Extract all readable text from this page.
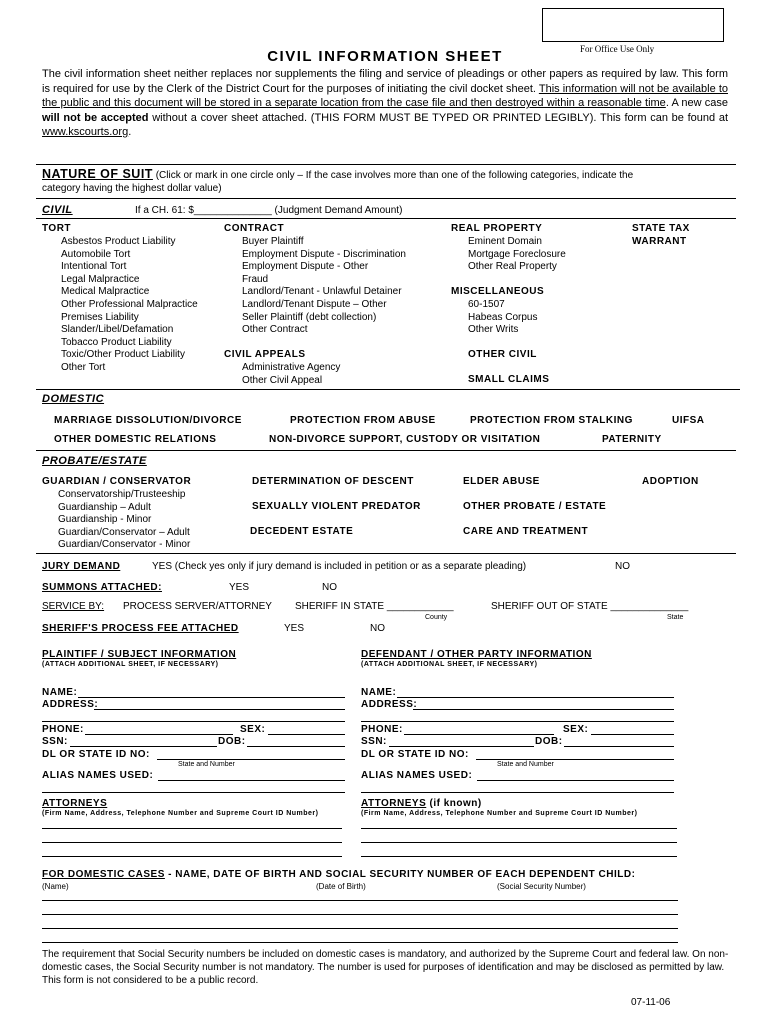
For Office Use Only
CIVIL INFORMATION SHEET
The civil information sheet neither replaces nor supplements the filing and service of pleadings or other papers as required by law. This form is required for use by the Clerk of the District Court for the purposes of initiating the civil docket sheet. This information will not be available to the public and this document will be stored in a separate location from the case file and then destroyed within a reasonable time. A new case will not be accepted without a cover sheet attached. (THIS FORM MUST BE TYPED OR PRINTED LEGIBLY). This form can be found at www.kscourts.org.
NATURE OF SUIT (Click or mark in one circle only – If the case involves more than one of the following categories, indicate the
category having the highest dollar value)
CIVIL	If a CH. 61: $______________ (Judgment Demand Amount)
TORT
Asbestos Product Liability
Automobile Tort
Intentional Tort
Legal Malpractice
Medical Malpractice
Other Professional Malpractice
Premises Liability
Slander/Libel/Defamation
Tobacco Product Liability
Toxic/Other Product Liability
Other Tort
CONTRACT
Buyer Plaintiff
Employment Dispute - Discrimination
Employment Dispute - Other
Fraud
Landlord/Tenant - Unlawful Detainer
Landlord/Tenant Dispute – Other
Seller Plaintiff (debt collection)
Other Contract
CIVIL APPEALS
Administrative Agency
Other Civil Appeal
REAL PROPERTY
Eminent Domain
Mortgage Foreclosure
Other Real Property
MISCELLANEOUS
60-1507
Habeas Corpus
Other Writs
OTHER CIVIL
SMALL CLAIMS
STATE TAX
WARRANT
DOMESTIC
MARRIAGE DISSOLUTION/DIVORCE	PROTECTION FROM ABUSE	PROTECTION FROM STALKING	UIFSA
OTHER DOMESTIC RELATIONS	NON-DIVORCE SUPPORT, CUSTODY OR VISITATION	PATERNITY
PROBATE/ESTATE
GUARDIAN / CONSERVATOR
Conservatorship/Trusteeship
Guardianship – Adult
Guardianship - Minor
Guardian/Conservator – Adult
Guardian/Conservator - Minor
DETERMINATION OF DESCENT	ELDER ABUSE	ADOPTION
SEXUALLY VIOLENT PREDATOR	OTHER PROBATE / ESTATE
DECEDENT ESTATE	CARE AND TREATMENT
JURY DEMAND	YES (Check yes only if jury demand is included in petition or as a separate pleading)	NO
SUMMONS ATTACHED:	YES	NO
SERVICE BY: PROCESS SERVER/ATTORNEY SHERIFF IN STATE ____________
County
SHERIFF OUT OF STATE ______________
State
SHERIFF'S PROCESS FEE ATTACHED	YES	NO
PLAINTIFF / SUBJECT INFORMATION
(ATTACH ADDITIONAL SHEET, IF NECESSARY)
NAME:
ADDRESS:
PHONE:	SEX:
SSN:	DOB:
DL OR STATE ID NO:
State and Number
ALIAS NAMES USED:
ATTORNEYS
(Firm Name, Address, Telephone Number and Supreme Court ID Number)
DEFENDANT / OTHER PARTY INFORMATION
(ATTACH ADDITIONAL SHEET, IF NECESSARY)
NAME:
ADDRESS:
PHONE:	SEX:
SSN:	DOB:
DL OR STATE ID NO:
State and Number
ALIAS NAMES USED:
ATTORNEYS (if known)
(Firm Name, Address, Telephone Number and Supreme Court ID Number)
FOR DOMESTIC CASES - NAME, DATE OF BIRTH AND SOCIAL SECURITY NUMBER OF EACH DEPENDENT CHILD:
(Name)	(Date of Birth)	(Social Security Number)
The requirement that Social Security numbers be included on domestic cases is mandatory, and authorized by the Supreme Court and federal law. On non-domestic cases, the Social Security number is not mandatory. The number is used for purposes of identification and may be disclosed as permitted by law. This form is not considered to be a public record.
07-11-06
